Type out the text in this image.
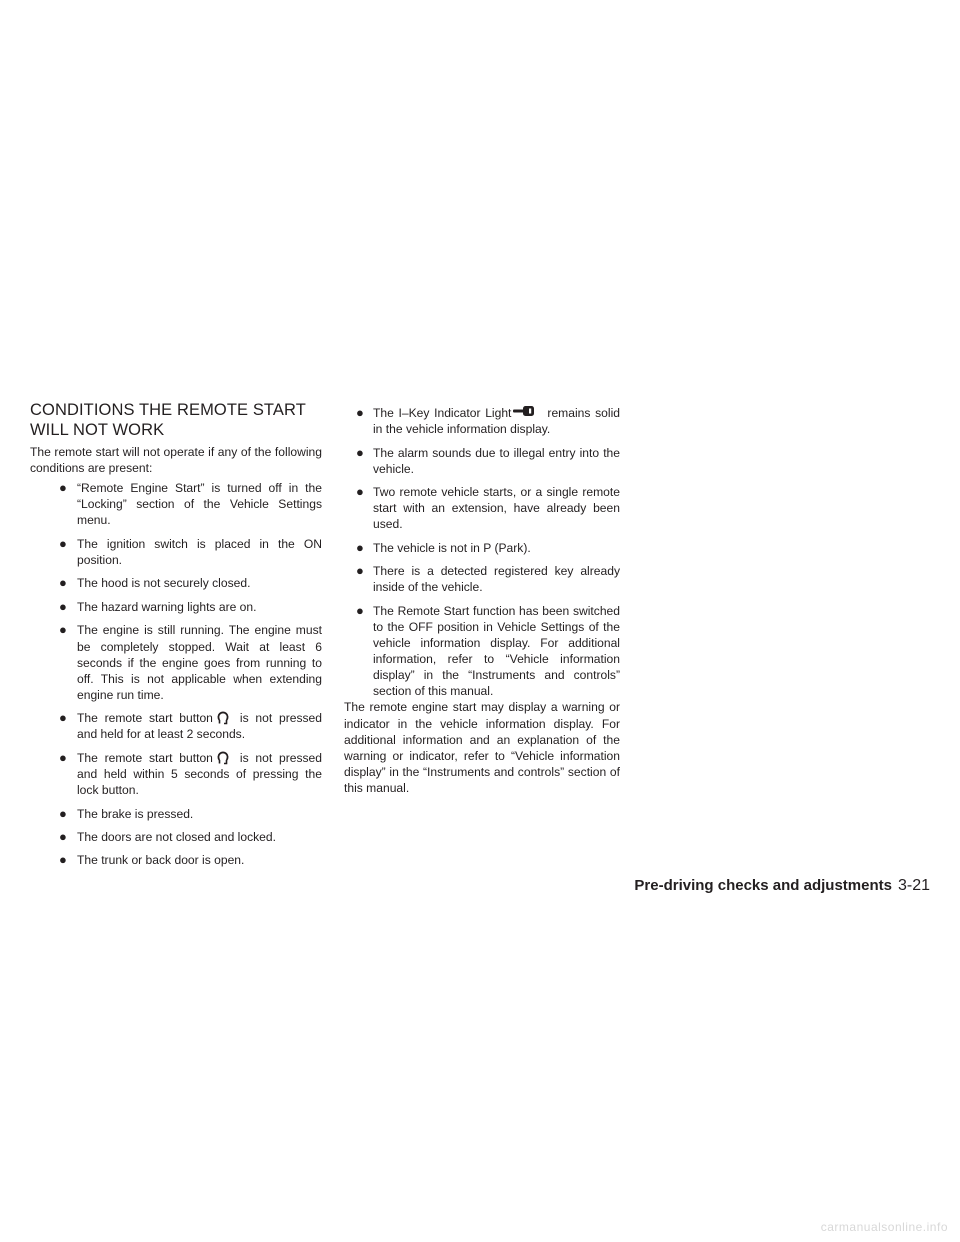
CONDITIONS THE REMOTE START
WILL NOT WORK

The remote start will not operate if any of the following conditions are present:

● “Remote Engine Start” is turned off in the “Locking” section of the Vehicle Settings menu.
● The ignition switch is placed in the ON position.
● The hood is not securely closed.
● The hazard warning lights are on.
● The engine is still running. The engine must be completely stopped. Wait at least 6 seconds if the engine goes from running to off. This is not applicable when extending engine run time.
● The remote start button is not pressed and held for at least 2 seconds.
● The remote start button is not pressed and held within 5 seconds of pressing the lock button.
● The brake is pressed.
● The doors are not closed and locked.
● The trunk or back door is open.
● The I–Key Indicator Light	remains solid in the vehicle information display.
● The alarm sounds due to illegal entry into the vehicle.
● Two remote vehicle starts, or a single remote start with an extension, have already been used.
● The vehicle is not in P (Park).
● There is a detected registered key already inside of the vehicle.
● The Remote Start function has been switched to the OFF position in Vehicle Settings of the vehicle information display. For additional information, refer to “Vehicle information display” in the “Instruments and controls” section of this manual.

The remote engine start may display a warning or indicator in the vehicle information display. For additional information and an explanation of the warning or indicator, refer to “Vehicle information display” in the “Instruments and controls” section of this manual.

Pre-driving checks and adjustments 3-21
carmanualsonline.info
